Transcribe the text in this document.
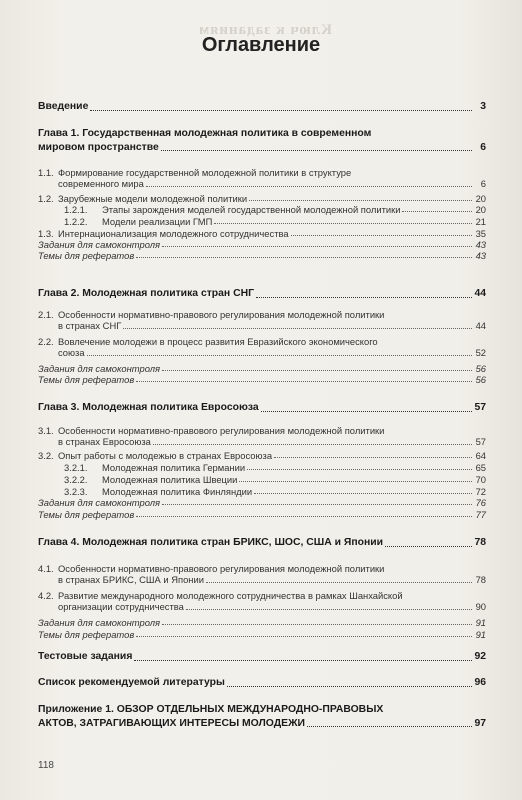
Ключ к заданиям
Оглавление
Введение	3
Глава 1. Государственная молодежная политика в современном
мировом пространстве	6
1.1. Формирование государственной молодежной политики в структуре
современного мира	6
1.2. Зарубежные модели молодежной политики	20
1.2.1.	Этапы зарождения моделей государственной молодежной политики	20
1.2.2.	Модели реализации ГМП	21
1.3. Интернационализация молодежного сотрудничества	35
Задания для самоконтроля	43
Темы для рефератов	43
Глава 2. Молодежная политика стран СНГ	44
2.1. Особенности нормативно-правового регулирования молодежной политики
в странах СНГ	44
2.2. Вовлечение молодежи в процесс развития Евразийского экономического
союза	52
Задания для самоконтроля	56
Темы для рефератов	56
Глава 3. Молодежная политика Евросоюза	57
3.1. Особенности нормативно-правового регулирования молодежной политики
в странах Евросоюза	57
3.2. Опыт работы с молодежью в странах Евросоюза	64
3.2.1.	Молодежная политика Германии	65
3.2.2.	Молодежная политика Швеции	70
3.2.3.	Молодежная политика Финляндии	72
Задания для самоконтроля	76
Темы для рефератов	77
Глава 4. Молодежная политика стран БРИКС, ШОС, США и Японии	78
4.1. Особенности нормативно-правового регулирования молодежной политики
в странах БРИКС, США и Японии	78
4.2. Развитие международного молодежного сотрудничества в рамках Шанхайской
организации сотрудничества	90
Задания для самоконтроля	91
Темы для рефератов	91
Тестовые задания	92
Список рекомендуемой литературы	96
Приложение 1. ОБЗОР ОТДЕЛЬНЫХ МЕЖДУНАРОДНО-ПРАВОВЫХ
АКТОВ, ЗАТРАГИВАЮЩИХ ИНТЕРЕСЫ МОЛОДЕЖИ	97
118
